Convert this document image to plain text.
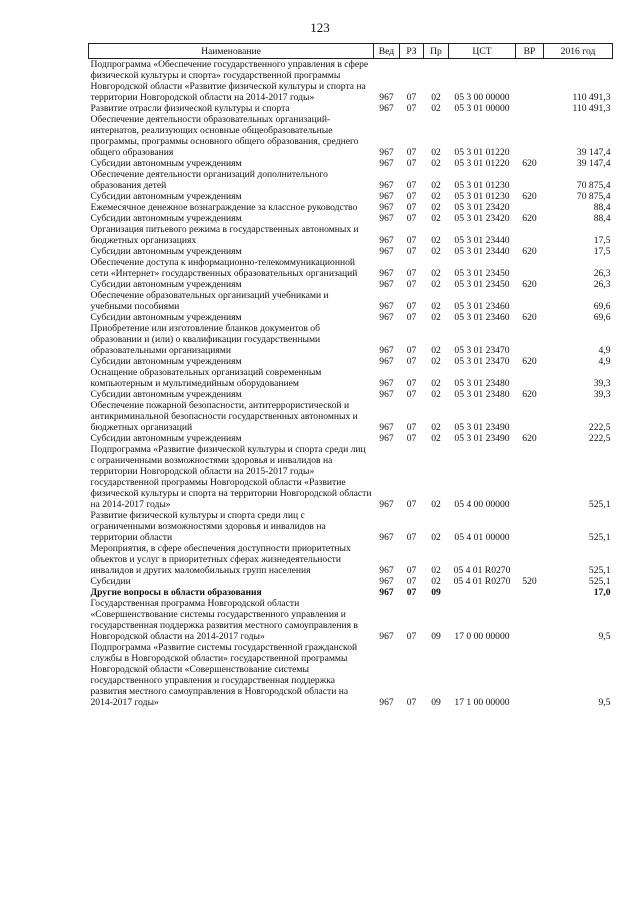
123
Наименование	Вед	РЗ	Пр	ЦСТ	ВР	2016 год
Подпрограмма «Обеспечение государственного управления в сфере физической культуры и спорта» государственной программы Новгородской области «Развитие физической культуры и спорта на территории Новгородской области на 2014-2017 годы»	967	07	02	05 3 00 00000		110 491,3
Развитие отрасли физической культуры и спорта	967	07	02	05 3 01 00000		110 491,3
Обеспечение деятельности образовательных организаций-интернатов, реализующих основные общеобразовательные программы, программы основного общего образования, среднего общего образования	967	07	02	05 3 01 01220		39 147,4
Субсидии автономным учреждениям	967	07	02	05 3 01 01220	620	39 147,4
Обеспечение деятельности организаций дополнительного образования детей	967	07	02	05 3 01 01230		70 875,4
Субсидии автономным учреждениям	967	07	02	05 3 01 01230	620	70 875,4
Ежемесячное денежное вознаграждение за классное руководство	967	07	02	05 3 01 23420		88,4
Субсидии автономным учреждениям	967	07	02	05 3 01 23420	620	88,4
Организация питьевого режима в государственных автономных и бюджетных организациях	967	07	02	05 3 01 23440		17,5
Субсидии автономным учреждениям	967	07	02	05 3 01 23440	620	17,5
Обеспечение доступа к информационно-телекоммуникационной сети «Интернет» государственных образовательных организаций	967	07	02	05 3 01 23450		26,3
Субсидии автономным учреждениям	967	07	02	05 3 01 23450	620	26,3
Обеспечение образовательных организаций учебниками и учебными пособиями	967	07	02	05 3 01 23460		69,6
Субсидии автономным учреждениям	967	07	02	05 3 01 23460	620	69,6
Приобретение или изготовление бланков документов об образовании и (или) о квалификации государственными образовательными организациями	967	07	02	05 3 01 23470		4,9
Субсидии автономным учреждениям	967	07	02	05 3 01 23470	620	4,9
Оснащение образовательных организаций современным компьютерным и мультимедийным оборудованием	967	07	02	05 3 01 23480		39,3
Субсидии автономным учреждениям	967	07	02	05 3 01 23480	620	39,3
Обеспечение пожарной безопасности, антитеррористической и антикриминальной безопасности государственных автономных и бюджетных организаций	967	07	02	05 3 01 23490		222,5
Субсидии автономным учреждениям	967	07	02	05 3 01 23490	620	222,5
Подпрограмма «Развитие физической культуры и спорта среди лиц с ограниченными возможностями здоровья и инвалидов на территории Новгородской области на 2015-2017 годы» государственной программы Новгородской области «Развитие физической культуры и спорта на территории Новгородской области на 2014-2017 годы»	967	07	02	05 4 00 00000		525,1
Развитие физической культуры и спорта среди лиц с ограниченными возможностями здоровья и инвалидов на территории области	967	07	02	05 4 01 00000		525,1
Мероприятия, в сфере обеспечения доступности приоритетных объектов и услуг в приоритетных сферах жизнедеятельности инвалидов и других маломобильных групп населения	967	07	02	05 4 01 R0270		525,1
Субсидии	967	07	02	05 4 01 R0270	520	525,1
Другие вопросы в области образования	967	07	09			17,0
Государственная программа Новгородской области «Совершенствование системы государственного управления и государственная поддержка развития местного самоуправления в Новгородской области на 2014-2017 годы»	967	07	09	17 0 00 00000		9,5
Подпрограмма «Развитие системы государственной гражданской службы в Новгородской области» государственной программы Новгородской области «Совершенствование системы государственного управления и государственная поддержка развития местного самоуправления в Новгородской области на 2014-2017 годы»	967	07	09	17 1 00 00000		9,5
